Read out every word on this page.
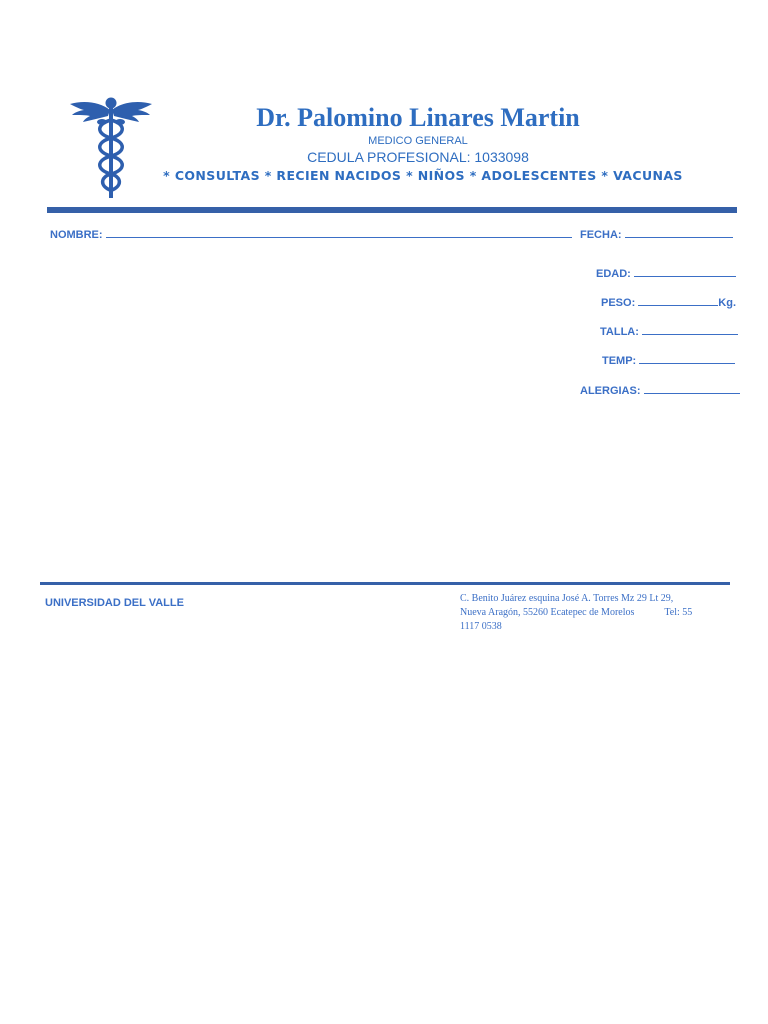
Dr. Palomino Linares Martin
MEDICO GENERAL
CEDULA PROFESIONAL: 1033098
* CONSULTAS * RECIEN NACIDOS * NIÑOS * ADOLESCENTES * VACUNAS
NOMBRE:	FECHA:
EDAD:
PESO:	Kg.
TALLA:
TEMP:
ALERGIAS:
UNIVERSIDAD DEL VALLE	C. Benito Juárez esquina José A. Torres Mz 29 Lt 29,
Nueva Aragón, 55260 Ecatepec de Morelos	Tel: 55
1117 0538
